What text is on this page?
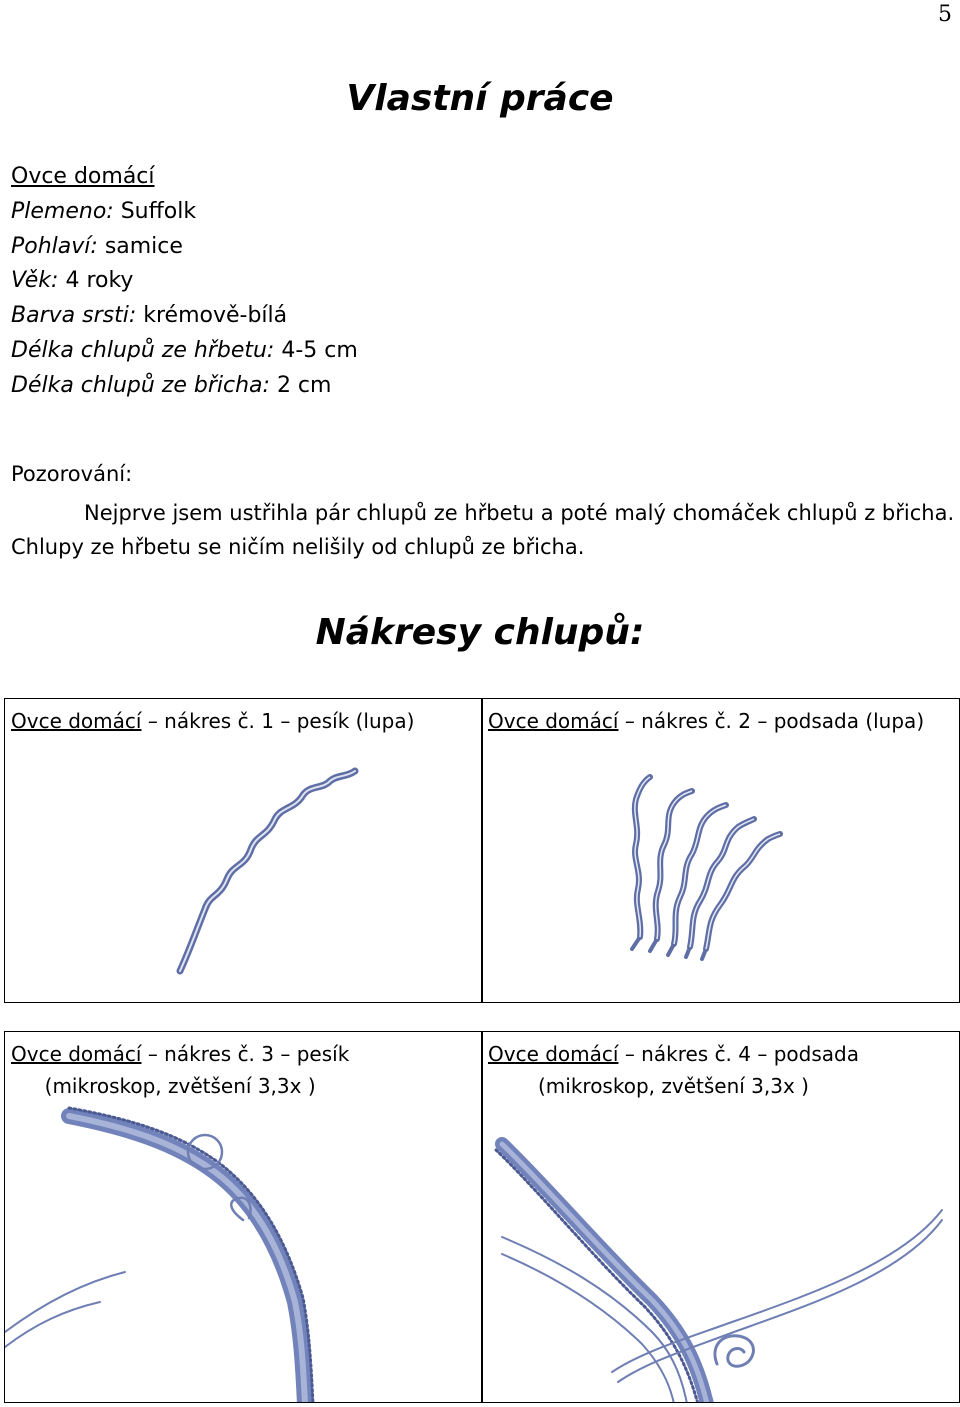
5
Vlastní práce
Ovce domácí
Plemeno: Suffolk
Pohlaví: samice
Věk: 4 roky
Barva srsti: krémově-bílá
Délka chlupů ze hřbetu: 4-5 cm
Délka chlupů ze břicha: 2 cm
Pozorování:
Nejprve jsem ustřihla pár chlupů ze hřbetu a poté malý chomáček chlupů z břicha. Chlupy ze hřbetu se ničím nelišily od chlupů ze břicha.
Nákresy chlupů:
Ovce domácí – nákres č. 1 – pesík (lupa)	Ovce domácí – nákres č. 2 – podsada (lupa)
Ovce domácí – nákres č. 3 – pesík
(mikroskop, zvětšení 3,3x )
Ovce domácí – nákres č. 4 – podsada
(mikroskop, zvětšení 3,3x )
